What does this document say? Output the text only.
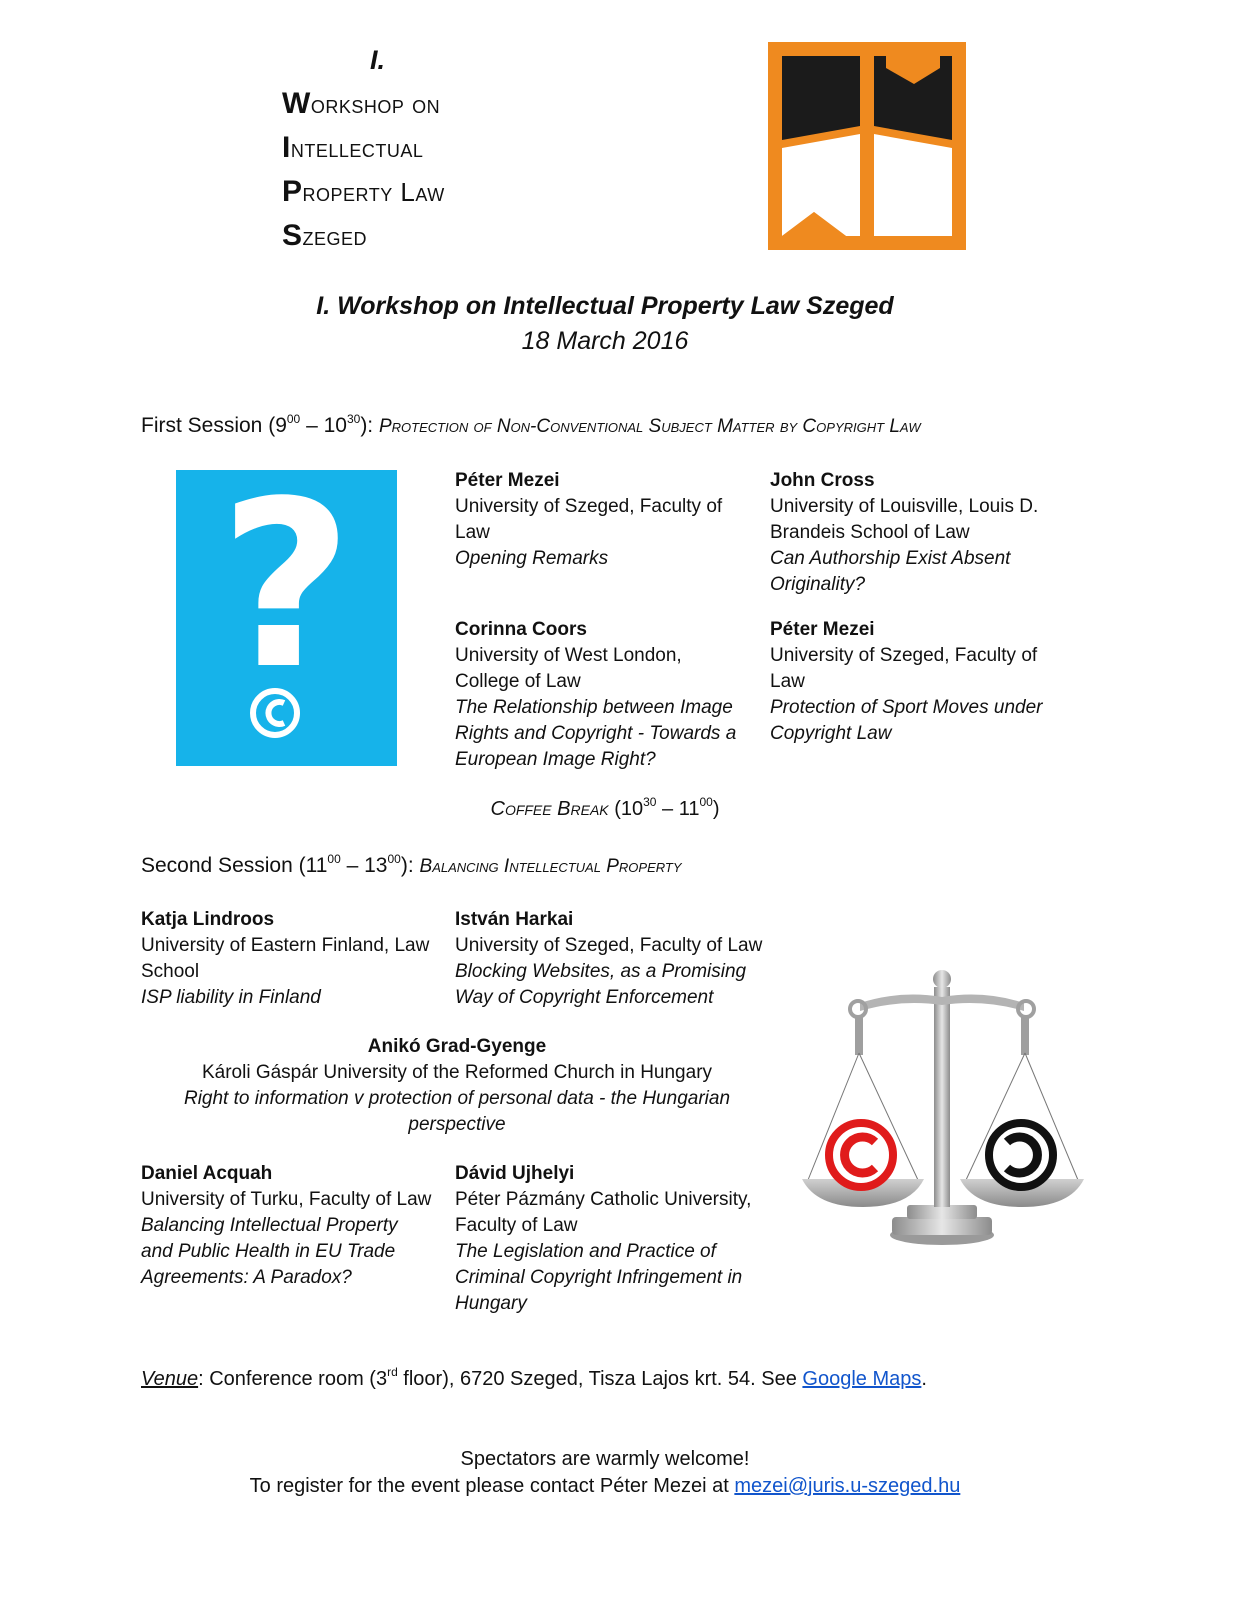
I.
Workshop on
Intellectual
Property Law
Szeged
I. Workshop on Intellectual Property Law Szeged
18 March 2016
First Session $(9^{00} - 10^{30})$: Protection of Non-Conventional Subject Matter by Copyright Law
?	Péter Mezei
University of Szeged, Faculty of
Law
Opening Remarks
John Cross
University of Louisville, Louis D.
Brandeis School of Law
Can Authorship Exist Absent
Originality?
Corinna Coors
University of West London,
College of Law
The Relationship between Image
Rights and Copyright - Towards a
European Image Right?
Péter Mezei
University of Szeged, Faculty of
Law
Protection of Sport Moves under
Copyright Law
Coffee Break $(10^{30} - 11^{00})$
Second Session $(11^{00} - 13^{00})$: Balancing Intellectual Property
Katja Lindroos
University of Eastern Finland, Law
School
ISP liability in Finland
István Harkai
University of Szeged, Faculty of Law
Blocking Websites, as a Promising
Way of Copyright Enforcement
Anikó Grad-Gyenge
Károli Gáspár University of the Reformed Church in Hungary
Right to information v protection of personal data - the Hungarian
perspective
Daniel Acquah
University of Turku, Faculty of Law
Balancing Intellectual Property
and Public Health in EU Trade
Agreements: A Paradox?
Dávid Ujhelyi
Péter Pázmány Catholic University,
Faculty of Law
The Legislation and Practice of
Criminal Copyright Infringement in
Hungary
Venue: Conference room (3rd floor), 6720 Szeged, Tisza Lajos krt. 54. See Google Maps.
Spectators are warmly welcome!
To register for the event please contact Péter Mezei at mezei@juris.u-szeged.hu
